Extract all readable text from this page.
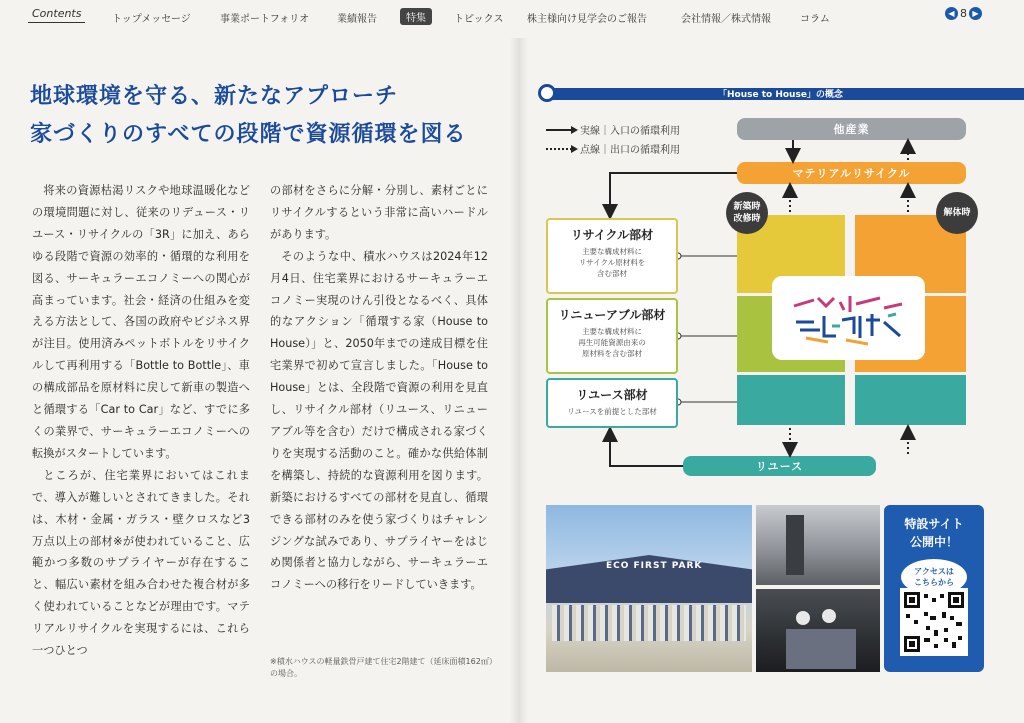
Contents	トップメッセージ	事業ポートフォリオ	業績報告	特集	トピックス 株主様向け見学会のご報告	会社情報／株式情報	コラム
◀ 8 ▶
地球環境を守る、新たなアプローチ
家づくりのすべての段階で資源循環を図る

将来の資源枯渇リスクや地球温暖化などの環境問題に対し、従来のリデュース・リユース・リサイクルの「3R」に加え、あらゆる段階で資源の効率的・循環的な利用を図る、サーキュラーエコノミーへの関心が高まっています。社会・経済の仕組みを変える方法として、各国の政府やビジネス界が注目。使用済みペットボトルをリサイクルして再利用する「Bottle to Bottle」、車の構成部品を原材料に戻して新車の製造へと循環する「Car to Car」など、すでに多くの業界で、サーキュラーエコノミーへの転換がスタートしています。

ところが、住宅業界においてはこれまで、導入が難しいとされてきました。それは、木材・金属・ガラス・壁クロスなど3万点以上の部材※が使われていること、広範かつ多数のサプライヤーが存在すること、幅広い素材を組み合わせた複合材が多く使われていることなどが理由です。マテリアルリサイクルを実現するには、これら一つひとつ

の部材をさらに分解・分別し、素材ごとにリサイクルするという非常に高いハードルがあります。

そのような中、積水ハウスは2024年12月4日、住宅業界におけるサーキュラーエコノミー実現のけん引役となるべく、具体的なアクション「循環する家（House to House）」と、2050年までの達成目標を住宅業界で初めて宣言しました。「House to House」とは、全段階で資源の利用を見直し、リサイクル部材（リユース、リニューアブル等を含む）だけで構成される家づくりを実現する活動のこと。確かな供給体制を構築し、持続的な資源利用を図ります。新築におけるすべての部材を見直し、循環できる部材のみを使う家づくりはチャレンジングな試みであり、サプライヤーをはじめ関係者と協力しながら、サーキュラーエコノミーへの移行をリードしていきます。

※積水ハウスの軽量鉄骨戸建て住宅2階建て（延床面積162㎡）の場合。
「House to House」の概念
実線｜入口の循環利用
点線｜出口の循環利用
他産業
マテリアルリサイクル
新築時
改修時
解体時
リユース
リサイクル部材
主要な構成材料に
リサイクル原材料を
含む部材
リニューアブル部材
主要な構成材料に
再生可能資源由来の
原材料を含む部材
リユース部材
リユースを前提とした部材
ECO FIRST PARK
特設サイト
公開中！
アクセスは
こちらから
